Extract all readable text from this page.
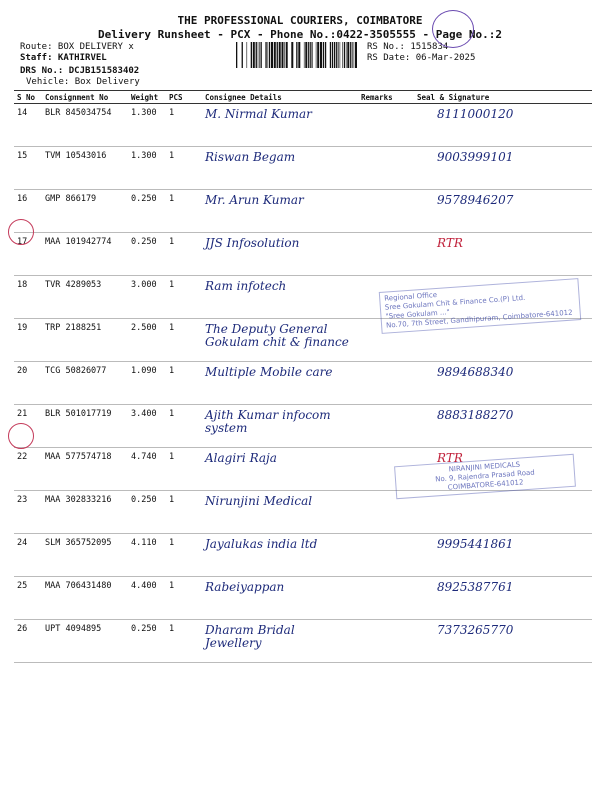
THE PROFESSIONAL COURIERS, COIMBATORE
Delivery Runsheet - PCX - Phone No.:0422-3505555 - Page No.:2
Route: BOX DELIVERY x
Staff: KATHIRVEL
DRS No.: DCJB151583402
Vehicle: Box Delivery
RS No.: 1515834
RS Date: 06-Mar-2025
S No	Consignment No	Weight	PCS	Consignee Details	Remarks	Seal & Signature
14	BLR 845034754	1.300	1	M. Nirmal Kumar		8111000120

15	TVM 10543016	1.300	1	Riswan Begam		9003999101

16	GMP 866179	0.250	1	Mr. Arun Kumar		9578946207

17	MAA 101942774	0.250	1	JJS Infosolution		RTR

18	TVR 4289053	3.000	1	Ram infotech		

19	TRP 2188251	2.500	1	The Deputy General Gokulam chit & finance		

20	TCG 50826077	1.090	1	Multiple Mobile care		9894688340

21	BLR 501017719	3.400	1	Ajith Kumar infocom system		8883188270

22	MAA 577574718	4.740	1	Alagiri Raja		RTR

23	MAA 302833216	0.250	1	Nirunjini Medical		

24	SLM 365752095	4.110	1	Jayalukas india ltd		9995441861

25	MAA 706431480	4.400	1	Rabeiyappan		8925387761

26	UPT 4094895	0.250	1	Dharam Bridal Jewellery		7373265770
Regional Office
Sree Gokulam Chit & Finance Co.(P) Ltd.
"Sree Gokulam ..."
No.70, 7th Street, Gandhipuram, Coimbatore-641012
NIRANJINI MEDICALS
No. 9, Rajendra Prasad Road
COIMBATORE-641012
